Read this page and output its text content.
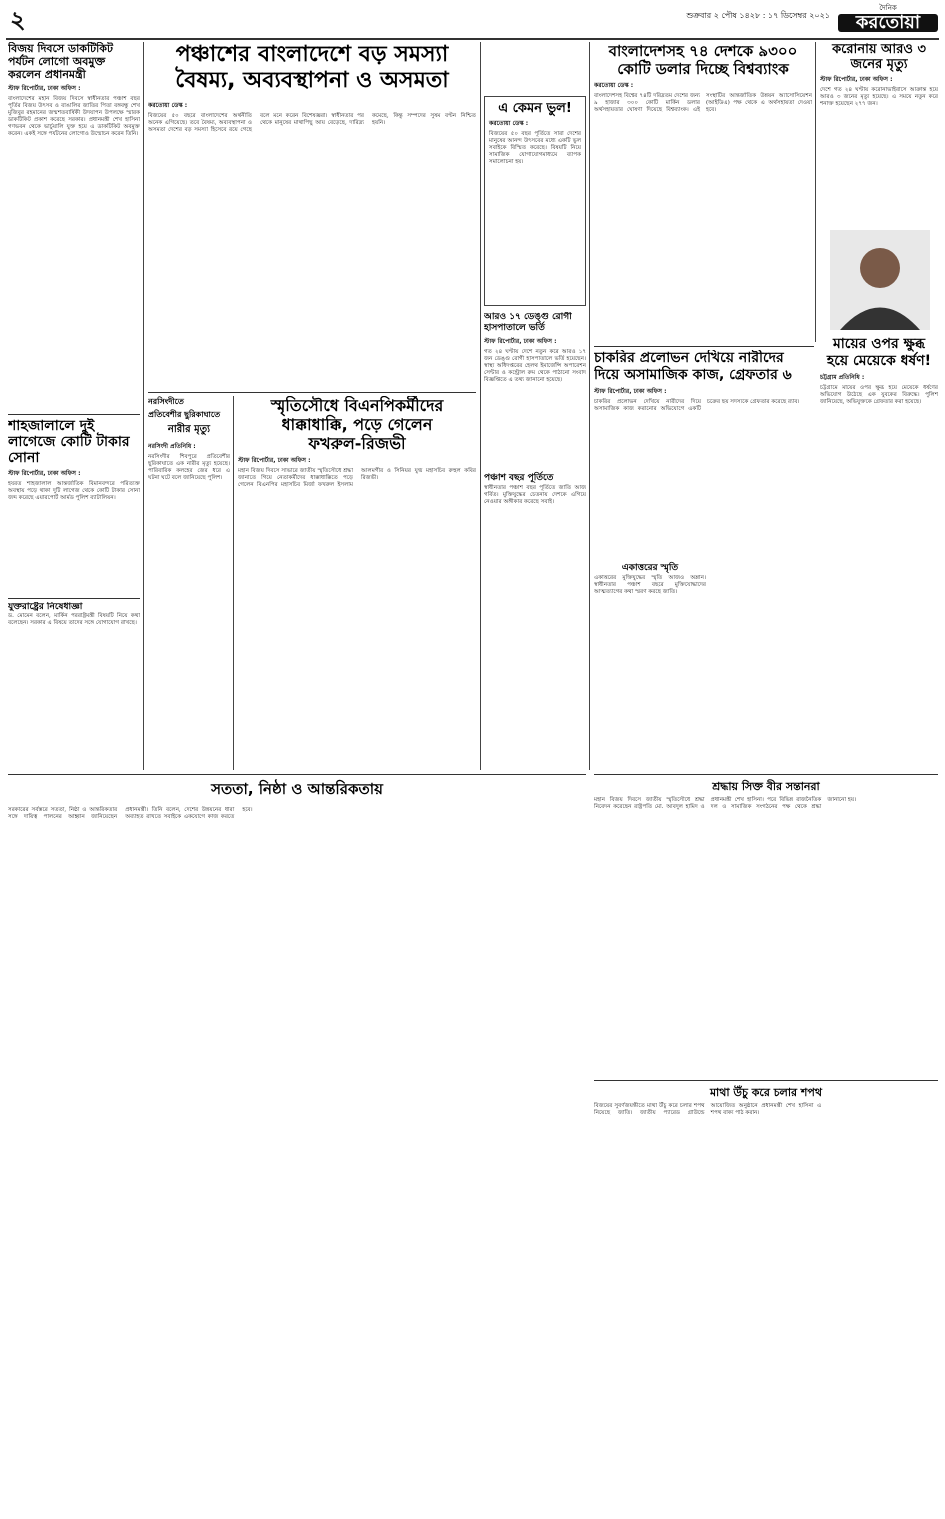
২	শুক্রবার ২ পৌষ ১৪২৮ : ১৭ ডিসেম্বর ২০২১
দৈনিক
করতোয়া
বিজয় দিবসে ডাকটিকিট পর্যটন লোগো অবমুক্ত করলেন প্রধানমন্ত্রী
স্টাফ রিপোর্টার, ঢাকা অফিস :
বাংলাদেশের মহান বিজয় দিবসে স্বাধীনতার পঞ্চাশ বছর পূর্তির বিজয় উৎসব ও বাঙালির জাতির পিতা বঙ্গবন্ধু শেখ মুজিবুর রহমানের জন্মশতবার্ষিকী উদযাপন উপলক্ষে স্মারক ডাকটিকিট প্রকাশ করেছে সরকার। প্রধানমন্ত্রী শেখ হাসিনা গণভবন থেকে ভার্চুয়ালি যুক্ত হয়ে এ ডাকটিকিট অবমুক্ত করেন। একই সঙ্গে পর্যটনের লোগোও উন্মোচন করেন তিনি।
শাহজালালে দুই লাগেজে কোটি টাকার সোনা
স্টাফ রিপোর্টার, ঢাকা অফিস :
হযরত শাহজালাল আন্তর্জাতিক বিমানবন্দরে পরিত্যক্ত অবস্থায় পড়ে থাকা দুটি লাগেজ থেকে কোটি টাকার সোনা জব্দ করেছে এয়ারপোর্ট আর্মড পুলিশ ব্যাটালিয়ন।
যুক্তরাষ্ট্রের নিষেধাজ্ঞা
ড. মোমেন বলেন, মার্কিন পররাষ্ট্রমন্ত্রী বিষয়টি নিয়ে কথা বলেছেন। সরকার এ বিষয়ে তাদের সঙ্গে যোগাযোগ রাখছে।
পঞ্চাশের বাংলাদেশে বড় সমস্যা
বৈষম্য, অব্যবস্থাপনা ও অসমতা
করতোয়া ডেস্ক :
বিজয়ের ৫০ বছরে বাংলাদেশের অর্থনীতি অনেক এগিয়েছে। তবে বৈষম্য, অব্যবস্থাপনা ও অসমতা দেশের বড় সমস্যা হিসেবে রয়ে গেছে বলে মনে করেন বিশেষজ্ঞরা। স্বাধীনতার পর থেকে মানুষের মাথাপিছু আয় বেড়েছে, দারিদ্র্য কমেছে, কিন্তু সম্পদের সুষম বণ্টন নিশ্চিত হয়নি।
নরসিংদীতে
প্রতিবেশীর ছুরিকাঘাতে
নারীর মৃত্যু
নরসিংদী প্রতিনিধি :
নরসিংদীর শিবপুরে প্রতিবেশীর ছুরিকাঘাতে এক নারীর মৃত্যু হয়েছে। পারিবারিক কলহের জের ধরে এ ঘটনা ঘটে বলে জানিয়েছে পুলিশ।
স্মৃতিসৌধে বিএনপিকর্মীদের
ধাক্কাধাক্কি, পড়ে গেলেন
ফখরুল-রিজভী
স্টাফ রিপোর্টার, ঢাকা অফিস :
মহান বিজয় দিবসে সাভারে জাতীয় স্মৃতিসৌধে শ্রদ্ধা জানাতে গিয়ে নেতাকর্মীদের ধাক্কাধাক্কিতে পড়ে গেলেন বিএনপির মহাসচিব মির্জা ফখরুল ইসলাম আলমগীর ও সিনিয়র যুগ্ম মহাসচিব রুহুল কবির রিজভী।
এ কেমন ভুল!
করতোয়া ডেস্ক :
বিজয়ের ৫০ বছর পূর্তিতে সারা দেশের মানুষের আনন্দ উৎসবের মধ্যে একটি ভুল সবাইকে বিস্মিত করেছে। বিষয়টি নিয়ে সামাজিক যোগাযোগমাধ্যমে ব্যাপক সমালোচনা হয়।
আরও ১৭ ডেঙ্গু রোগী হাসপাতালে ভর্তি
স্টাফ রিপোর্টার, ঢাকা অফিস :
গত ২৪ ঘণ্টায় দেশে নতুন করে আরও ১৭ জন ডেঙ্গু রোগী হাসপাতালে ভর্তি হয়েছেন। স্বাস্থ্য অধিদপ্তরের হেলথ ইমার্জেন্সি অপারেশন সেন্টার ও কন্ট্রোল রুম থেকে পাঠানো সংবাদ বিজ্ঞপ্তিতে এ তথ্য জানানো হয়েছে।
পঞ্চাশ বছর পূর্তিতে
স্বাধীনতার পঞ্চাশ বছর পূর্তিতে জাতি আজ গর্বিত। মুক্তিযুদ্ধের চেতনায় দেশকে এগিয়ে নেওয়ার অঙ্গীকার করেছে সবাই।
বাংলাদেশসহ ৭৪ দেশকে ৯৩০০
কোটি ডলার দিচ্ছে বিশ্বব্যাংক
করতোয়া ডেস্ক :
বাংলাদেশসহ বিশ্বের ৭৪টি দরিদ্রতম দেশের জন্য ৯ হাজার ৩০০ কোটি মার্কিন ডলার অর্থসহায়তার ঘোষণা দিয়েছে বিশ্বব্যাংক। এই সংস্থাটির আন্তর্জাতিক উন্নয়ন অ্যাসোসিয়েশন (আইডিএ) পক্ষ থেকে এ অর্থসহায়তা দেওয়া হবে।
করোনায় আরও ৩ জনের মৃত্যু
স্টাফ রিপোর্টার, ঢাকা অফিস :
দেশে গত ২৪ ঘণ্টায় করোনাভাইরাসে আক্রান্ত হয়ে আরও ৩ জনের মৃত্যু হয়েছে। এ সময়ে নতুন করে শনাক্ত হয়েছেন ২৭৭ জন।
মায়ের ওপর ক্ষুব্ধ হয়ে মেয়েকে ধর্ষণ!
চট্টগ্রাম প্রতিনিধি :
চট্টগ্রামে মায়ের ওপর ক্ষুব্ধ হয়ে মেয়েকে ধর্ষণের অভিযোগ উঠেছে এক যুবকের বিরুদ্ধে। পুলিশ জানিয়েছে, অভিযুক্তকে গ্রেফতার করা হয়েছে।
চাকরির প্রলোভন দেখিয়ে নারীদের
দিয়ে অসামাজিক কাজ, গ্রেফতার ৬
স্টাফ রিপোর্টার, ঢাকা অফিস :
চাকরির প্রলোভন দেখিয়ে নারীদের দিয়ে অসামাজিক কাজ করানোর অভিযোগে একটি চক্রের ছয় সদস্যকে গ্রেফতার করেছে র‍্যাব।
একাত্তরের স্মৃতি
একাত্তরের মুক্তিযুদ্ধের স্মৃতি আজও অম্লান। স্বাধীনতার পঞ্চাশ বছরে মুক্তিযোদ্ধাদের আত্মত্যাগের কথা স্মরণ করছে জাতি।
শ্রদ্ধায় সিক্ত বীর সন্তানরা
মহান বিজয় দিবসে জাতীয় স্মৃতিসৌধে শ্রদ্ধা নিবেদন করেছেন রাষ্ট্রপতি মো. আবদুল হামিদ ও প্রধানমন্ত্রী শেখ হাসিনা। পরে বিভিন্ন রাজনৈতিক দল ও সামাজিক সংগঠনের পক্ষ থেকে শ্রদ্ধা জানানো হয়।
সততা, নিষ্ঠা ও আন্তরিকতায়
সরকারের সর্বস্তরে সততা, নিষ্ঠা ও আন্তরিকতার সঙ্গে দায়িত্ব পালনের আহ্বান জানিয়েছেন প্রধানমন্ত্রী। তিনি বলেন, দেশের উন্নয়নের ধারা অব্যাহত রাখতে সবাইকে একযোগে কাজ করতে হবে।
মাথা উঁচু করে চলার শপথ
বিজয়ের সুবর্ণজয়ন্তীতে মাথা উঁচু করে চলার শপথ নিয়েছে জাতি। জাতীয় প্যারেড গ্রাউন্ডে আয়োজিত অনুষ্ঠানে প্রধানমন্ত্রী শেখ হাসিনা এ শপথ বাক্য পাঠ করান।
